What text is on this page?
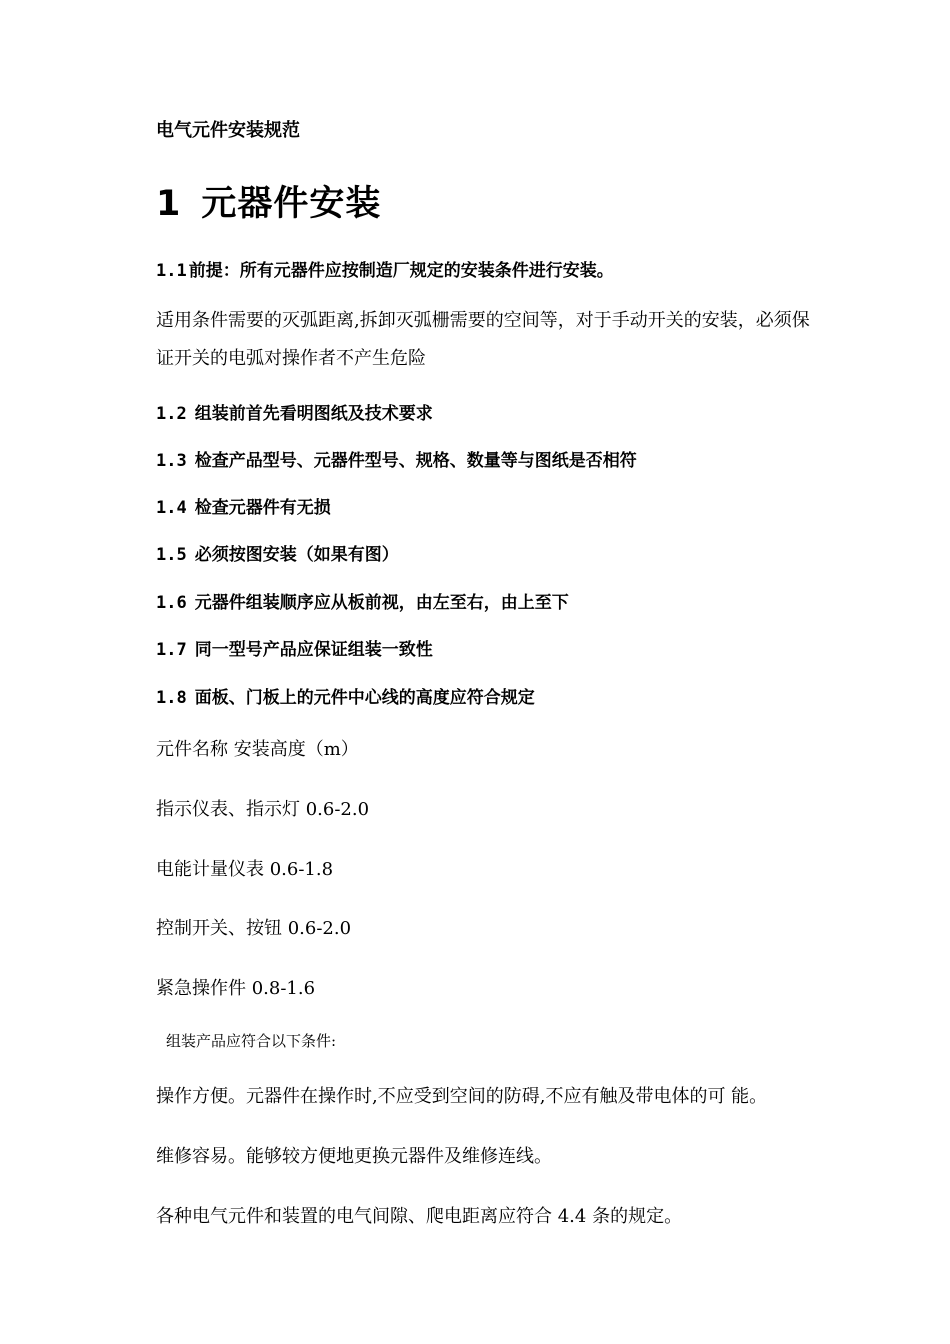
电气元件安装规范
1 元器件安装
1.1 前提：所有元器件应按制造厂规定的安装条件进行安装。
适用条件需要的灭弧距离,拆卸灭弧栅需要的空间等，对于手动开关的安装，必须保证开关的电弧对操作者不产生危险
1.2 组装前首先看明图纸及技术要求
1.3 检查产品型号、元器件型号、规格、数量等与图纸是否相符
1.4 检查元器件有无损
1.5 必须按图安装（如果有图）
1.6 元器件组装顺序应从板前视，由左至右，由上至下
1.7 同一型号产品应保证组装一致性
1.8 面板、门板上的元件中心线的高度应符合规定
元件名称 安装高度（m）
指示仪表、指示灯 0.6-2.0
电能计量仪表 0.6-1.8
控制开关、按钮 0.6-2.0
紧急操作件 0.8-1.6
组装产品应符合以下条件:
操作方便。元器件在操作时,不应受到空间的防碍,不应有触及带电体的可 能。
维修容易。能够较方便地更换元器件及维修连线。
各种电气元件和装置的电气间隙、爬电距离应符合 4.4 条的规定。
